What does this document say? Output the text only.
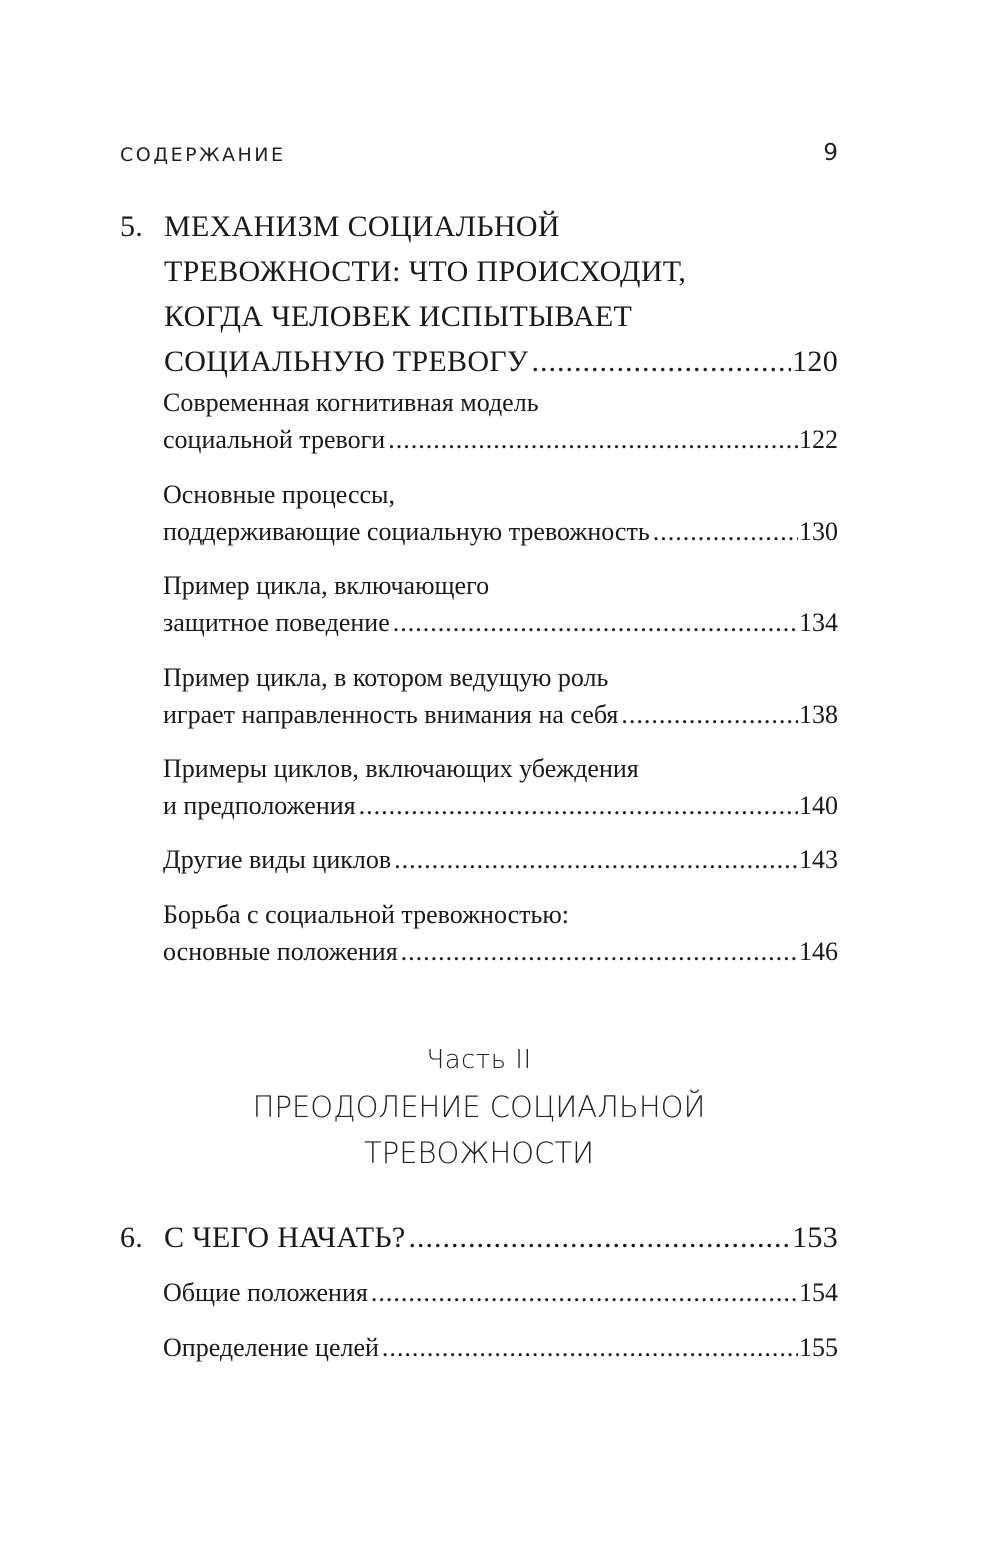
СОДЕРЖАНИЕ	9
5. МЕХАНИЗМ СОЦИАЛЬНОЙ
ТРЕВОЖНОСТИ: ЧТО ПРОИСХОДИТ,
КОГДА ЧЕЛОВЕК ИСПЫТЫВАЕТ
СОЦИАЛЬНУЮ ТРЕВОГУ .....	120
Современная когнитивная модель
социальной тревоги .....	122
Основные процессы,
поддерживающие социальную тревожность .....	130
Пример цикла, включающего
защитное поведение .....	134
Пример цикла, в котором ведущую роль
играет направленность внимания на себя .....	138
Примеры циклов, включающих убеждения
и предположения .....	140
Другие виды циклов .....	143
Борьба с социальной тревожностью:
основные положения .....	146
Часть II
ПРЕОДОЛЕНИЕ СОЦИАЛЬНОЙ
ТРЕВОЖНОСТИ
6. С ЧЕГО НАЧАТЬ? .....	153
Общие положения .....	154
Определение целей .....	155
